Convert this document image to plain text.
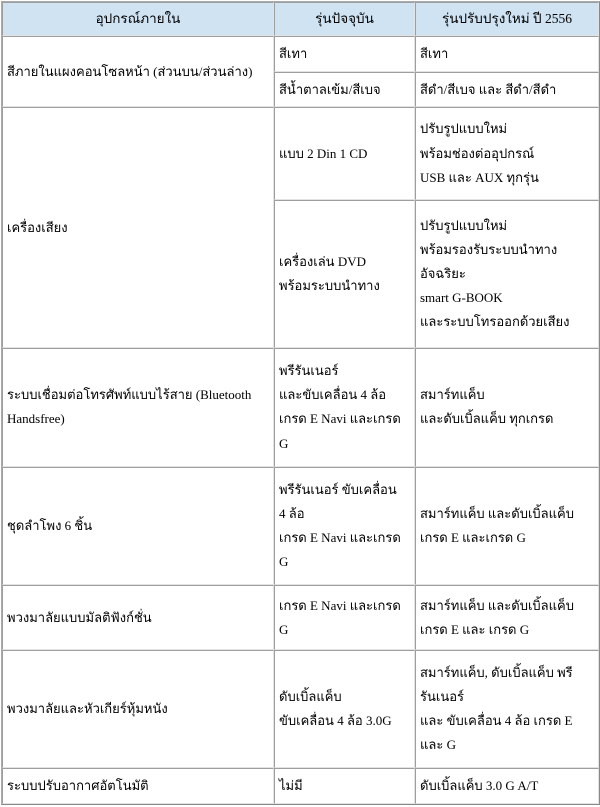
อุปกรณ์ภายใน	รุ่นปัจจุบัน	รุ่นปรับปรุงใหม่ ปี 2556

สีภายในแผงคอนโซลหน้า (ส่วนบน/ส่วนล่าง)	สีเทา	สีเทา

	สีน้ำตาลเข้ม/สีเบจ	สีดำ/สีเบจ และ สีดำ/สีดำ

เครื่องเสียง	แบบ 2 Din 1 CD	ปรับรูปแบบใหม่
พร้อมช่องต่ออุปกรณ์
USB และ AUX ทุกรุ่น

	เครื่องเล่น DVD
พร้อมระบบนำทาง	ปรับรูปแบบใหม่
พร้อมรองรับระบบนำทาง
อัจฉริยะ
smart G-BOOK
และระบบโทรออกด้วยเสียง

ระบบเชื่อมต่อโทรศัพท์แบบไร้สาย (Bluetooth Handsfree)	พรีรันเนอร์
และขับเคลื่อน 4 ล้อ
เกรด E Navi และเกรด
G	สมาร์ทแค็บ
และดับเบิ้ลแค็บ ทุกเกรด

ชุดลำโพง 6 ชิ้น	พรีรันเนอร์ ขับเคลื่อน
4 ล้อ
เกรด E Navi และเกรด
G	สมาร์ทแค็บ และดับเบิ้ลแค็บ
เกรด E และเกรด G

พวงมาลัยแบบมัลติฟังก์ชั่น	เกรด E Navi และเกรด
G	สมาร์ทแค็บ และดับเบิ้ลแค็บ
เกรด E และ เกรด G

พวงมาลัยและหัวเกียร์หุ้มหนัง	ดับเบิ้ลแค็บ
ขับเคลื่อน 4 ล้อ 3.0G	สมาร์ทแค็บ, ดับเบิ้ลแค็บ พรี
รันเนอร์
และ ขับเคลื่อน 4 ล้อ เกรด E
และ G

ระบบปรับอากาศอัตโนมัติ	ไม่มี	ดับเบิ้ลแค็บ 3.0 G A/T
